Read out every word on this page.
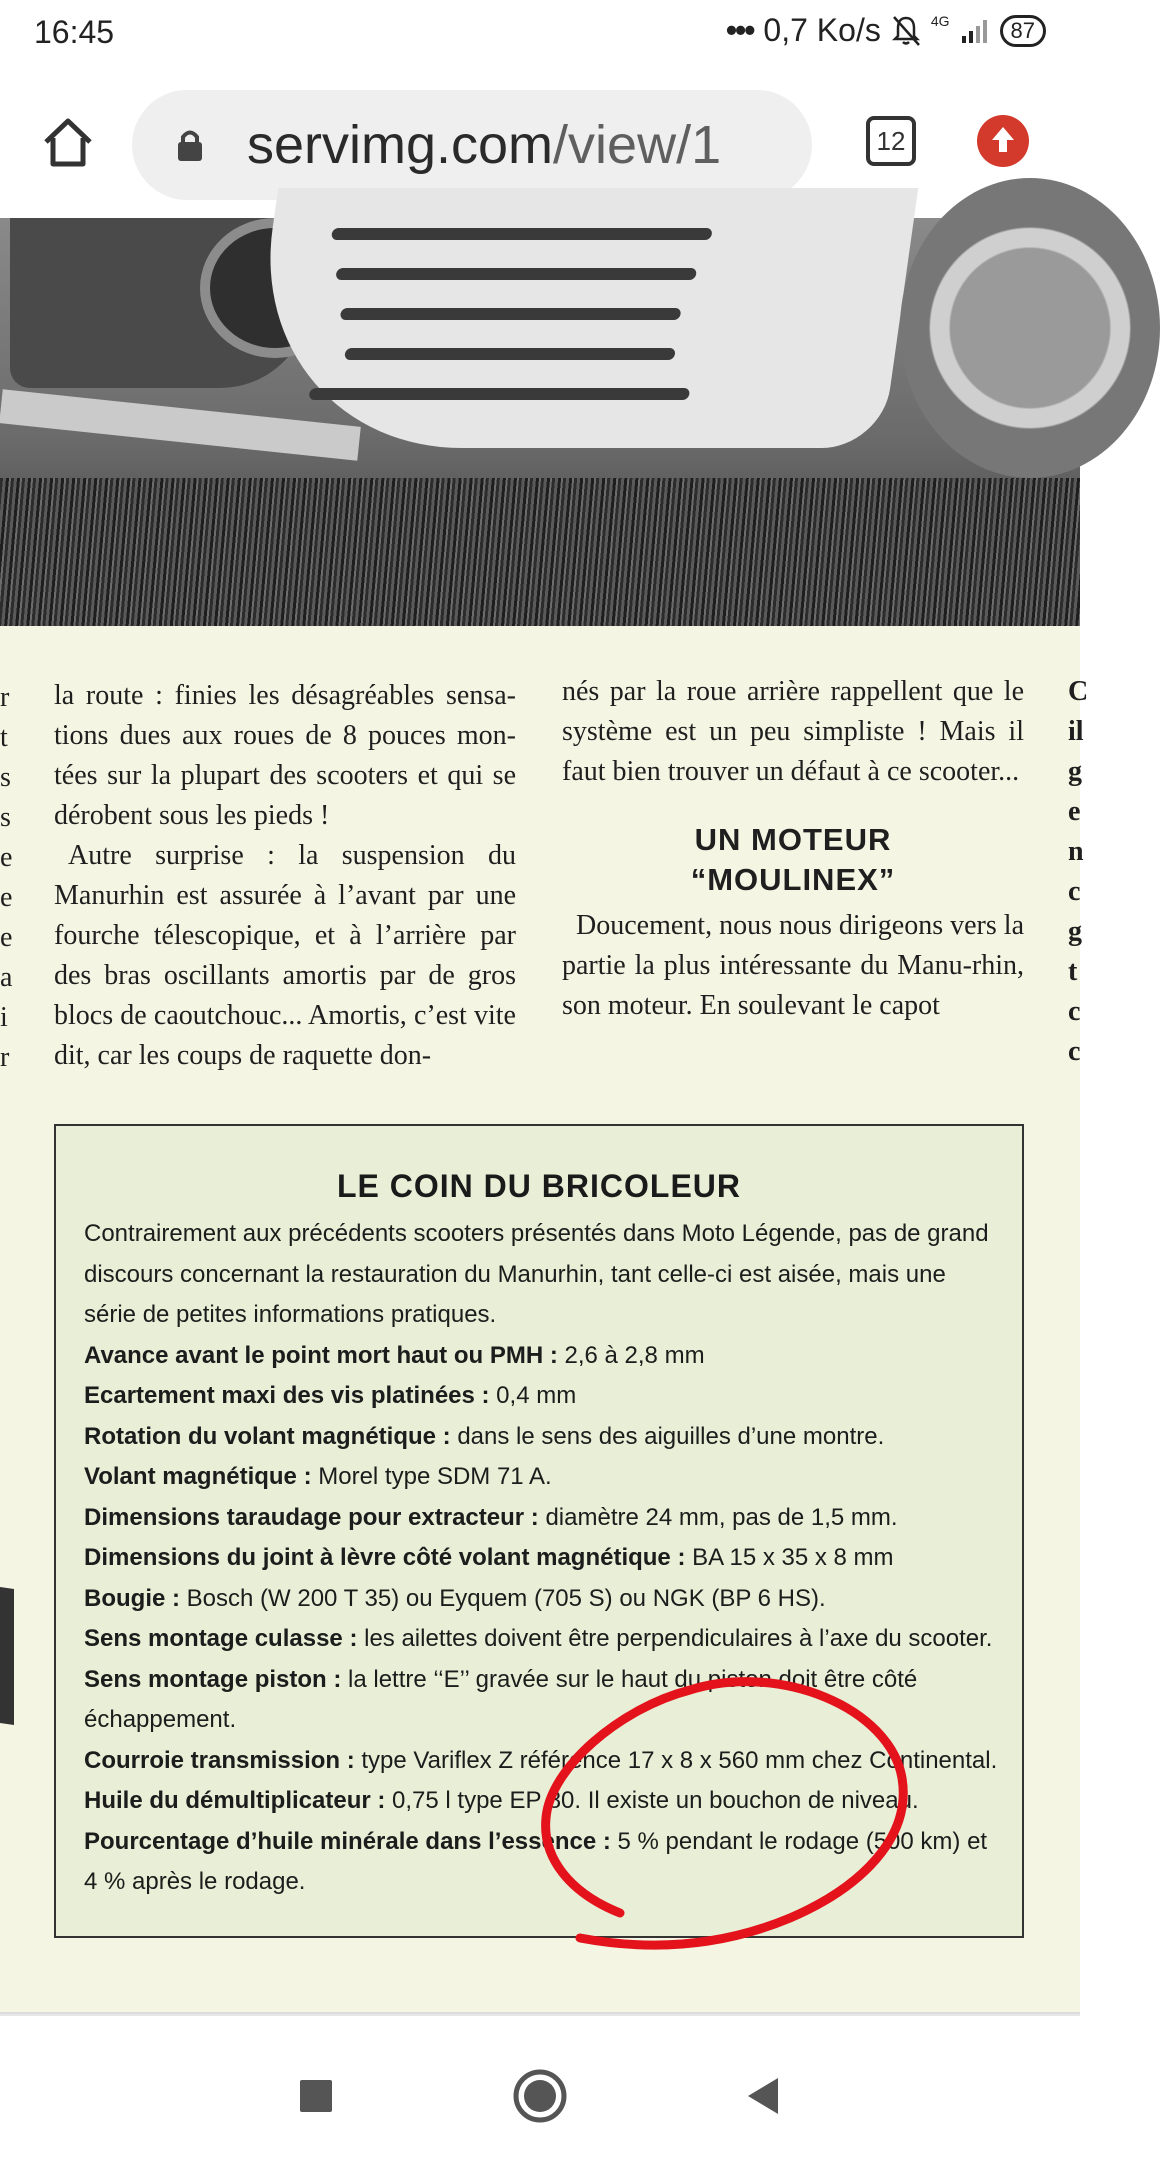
16:45	••• 0,7 Ko/s	4G	87
servimg.com/view/1	12
r
t
s
s
e
e
e
a
i
r
C
il
g
e
n
c
g
t
c
c

la route : finies les désagréables sensa-tions dues aux roues de 8 pouces mon-tées sur la plupart des scooters et qui se dérobent sous les pieds !

Autre surprise : la suspension du Manurhin est assurée à l’avant par une fourche télescopique, et à l’arrière par des bras oscillants amortis par de gros blocs de caoutchouc... Amortis, c’est vite dit, car les coups de raquette don-

nés par la roue arrière rappellent que le système est un peu simpliste ! Mais il faut bien trouver un défaut à ce scooter...

UN MOTEUR
“MOULINEX”

Doucement, nous nous dirigeons vers la partie la plus intéressante du Manu-rhin, son moteur. En soulevant le capot

LE COIN DU BRICOLEUR

Contrairement aux précédents scooters présentés dans Moto Légende, pas de grand discours concernant la restauration du Manurhin, tant celle-ci est aisée, mais une série de petites informations pratiques.

Avance avant le point mort haut ou PMH : 2,6 à 2,8 mm

Ecartement maxi des vis platinées : 0,4 mm

Rotation du volant magnétique : dans le sens des aiguilles d’une montre.

Volant magnétique : Morel type SDM 71 A.

Dimensions taraudage pour extracteur : diamètre 24 mm, pas de 1,5 mm.

Dimensions du joint à lèvre côté volant magnétique : BA 15 x 35 x 8 mm

Bougie : Bosch (W 200 T 35) ou Eyquem (705 S) ou NGK (BP 6 HS).

Sens montage culasse : les ailettes doivent être perpendiculaires à l’axe du scooter.

Sens montage piston : la lettre ‘‘E’’ gravée sur le haut du piston doit être côté échappement.

Courroie transmission : type Variflex Z référence 17 x 8 x 560 mm chez Continental.

Huile du démultiplicateur : 0,75 l type EP 80. Il existe un bouchon de niveau.

Pourcentage d’huile minérale dans l’essence : 5 % pendant le rodage (500 km) et 4 % après le rodage.
